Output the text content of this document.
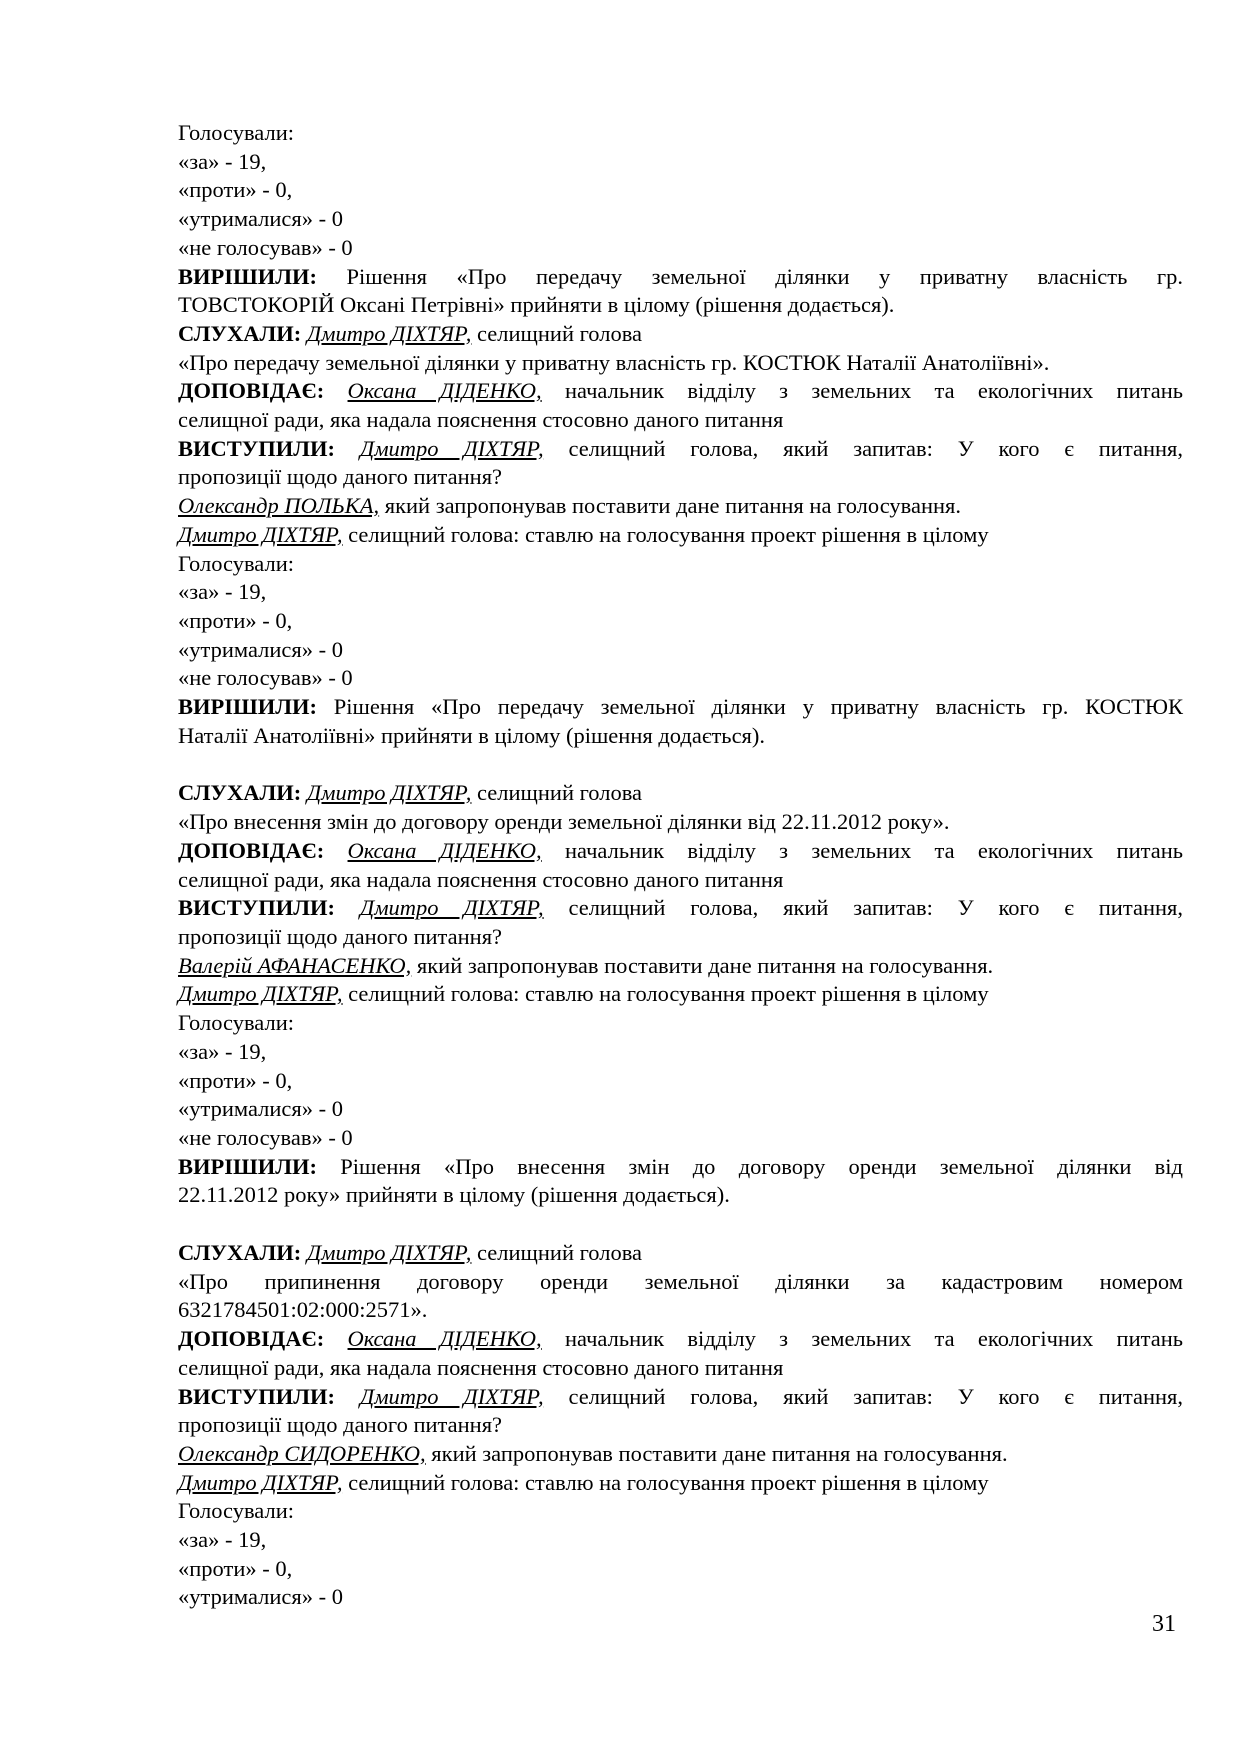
Голосували:
«за» - 19,
«проти» - 0,
«утрималися» - 0
«не голосував» - 0
ВИРІШИЛИ: Рішення «Про передачу земельної ділянки у приватну власність гр.
ТОВСТОКОРІЙ Оксані Петрівні» прийняти в цілому (рішення додається).
СЛУХАЛИ: Дмитро ДІХТЯР, селищний голова
«Про передачу земельної ділянки у приватну власність гр. КОСТЮК Наталії Анатоліївні».
ДОПОВІДАЄ: Оксана ДІДЕНКО, начальник відділу з земельних та екологічних питань
селищної ради, яка надала пояснення стосовно даного питання
ВИСТУПИЛИ: Дмитро ДІХТЯР, селищний голова, який запитав: У кого є питання,
пропозиції щодо даного питання?
Олександр ПОЛЬКА, який запропонував поставити дане питання на голосування.
Дмитро ДІХТЯР, селищний голова: ставлю на голосування проект рішення в цілому
Голосували:
«за» - 19,
«проти» - 0,
«утрималися» - 0
«не голосував» - 0
ВИРІШИЛИ: Рішення «Про передачу земельної ділянки у приватну власність гр. КОСТЮК
Наталії Анатоліївні» прийняти в цілому (рішення додається).
СЛУХАЛИ: Дмитро ДІХТЯР, селищний голова
«Про внесення змін до договору оренди земельної ділянки від 22.11.2012 року».
ДОПОВІДАЄ: Оксана ДІДЕНКО, начальник відділу з земельних та екологічних питань
селищної ради, яка надала пояснення стосовно даного питання
ВИСТУПИЛИ: Дмитро ДІХТЯР, селищний голова, який запитав: У кого є питання,
пропозиції щодо даного питання?
Валерій АФАНАСЕНКО, який запропонував поставити дане питання на голосування.
Дмитро ДІХТЯР, селищний голова: ставлю на голосування проект рішення в цілому
Голосували:
«за» - 19,
«проти» - 0,
«утрималися» - 0
«не голосував» - 0
ВИРІШИЛИ: Рішення «Про внесення змін до договору оренди земельної ділянки від
22.11.2012 року» прийняти в цілому (рішення додається).
СЛУХАЛИ: Дмитро ДІХТЯР, селищний голова
«Про припинення договору оренди земельної ділянки за кадастровим номером
6321784501:02:000:2571».
ДОПОВІДАЄ: Оксана ДІДЕНКО, начальник відділу з земельних та екологічних питань
селищної ради, яка надала пояснення стосовно даного питання
ВИСТУПИЛИ: Дмитро ДІХТЯР, селищний голова, який запитав: У кого є питання,
пропозиції щодо даного питання?
Олександр СИДОРЕНКО, який запропонував поставити дане питання на голосування.
Дмитро ДІХТЯР, селищний голова: ставлю на голосування проект рішення в цілому
Голосували:
«за» - 19,
«проти» - 0,
«утрималися» - 0
31
